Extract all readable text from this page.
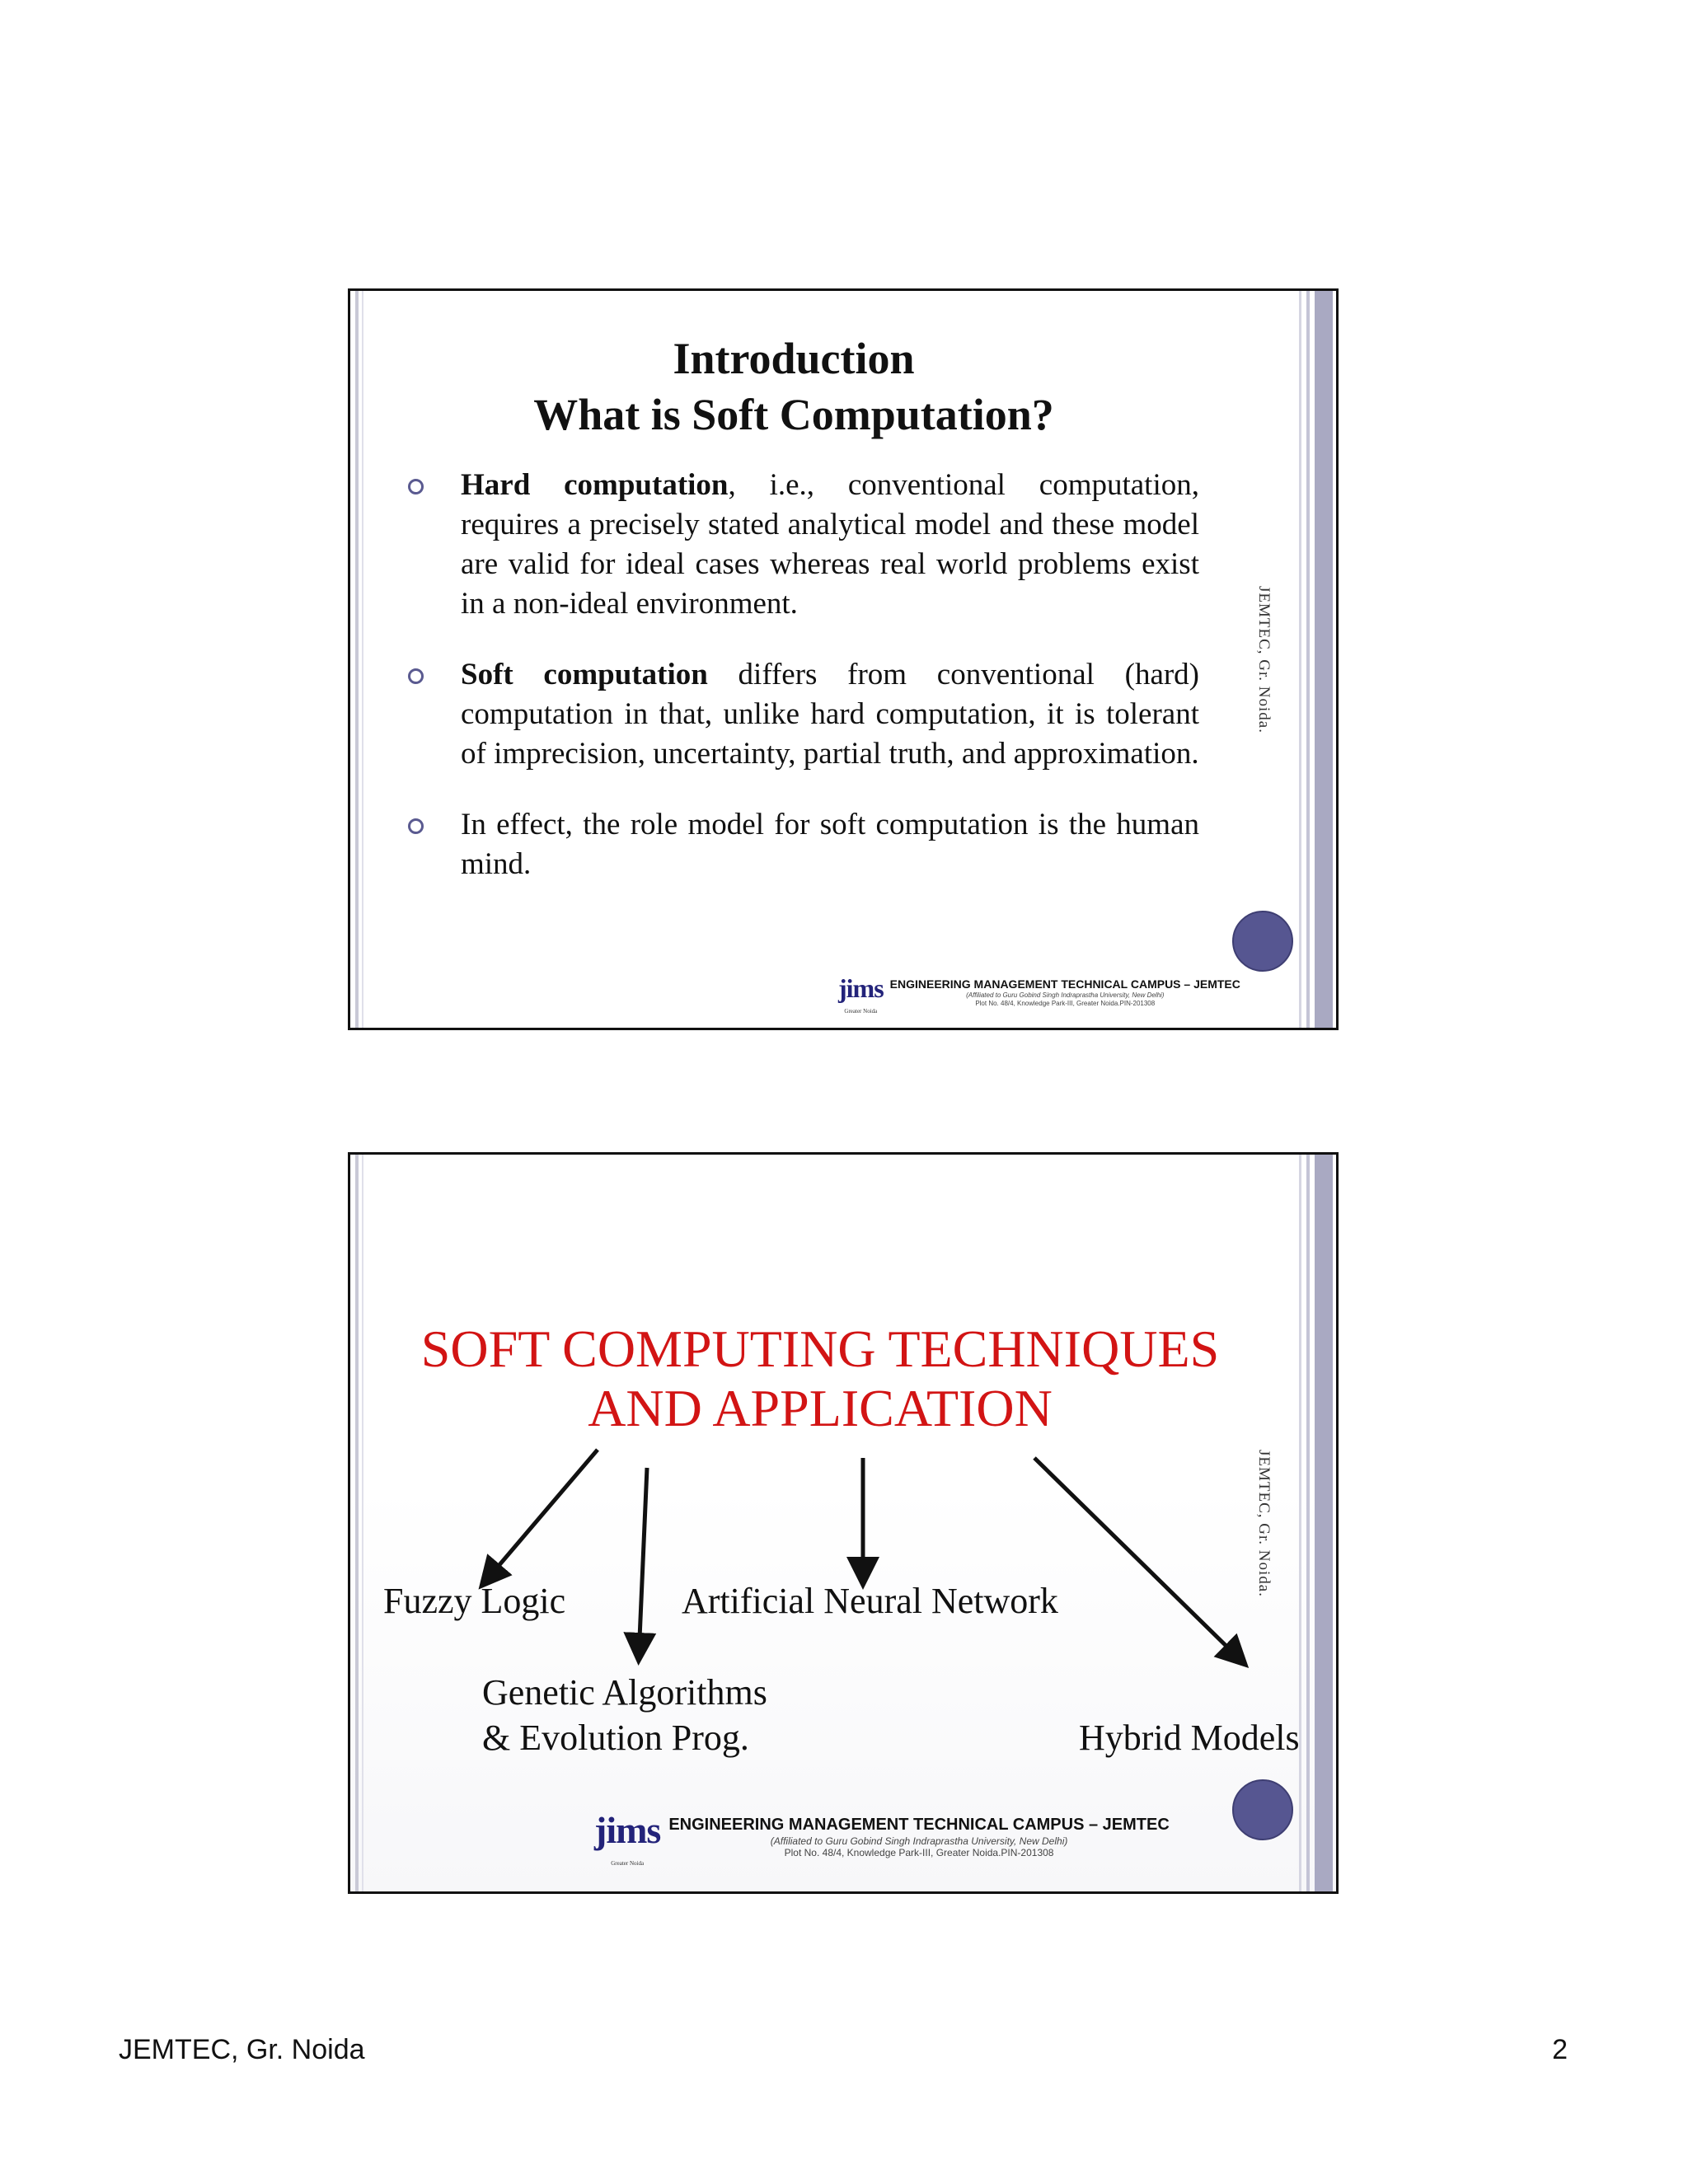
JEMTEC, Gr. Noida.
Introduction
What is Soft Computation?
Hard computation, i.e., conventional computation, requires a precisely stated analytical model and these model are valid for ideal cases whereas real world problems exist in a non-ideal environment.
Soft computation differs from conventional (hard) computation in that, unlike hard computation, it is tolerant of imprecision, uncertainty, partial truth, and approximation.
In effect, the role model for soft computation is the human mind.
jims
Greater Noida
ENGINEERING MANAGEMENT TECHNICAL CAMPUS – JEMTEC
(Affiliated to Guru Gobind Singh Indraprastha University, New Delhi)
Plot No. 48/4, Knowledge Park-III, Greater Noida.PIN-201308
JEMTEC, Gr. Noida.
SOFT COMPUTING TECHNIQUES
AND APPLICATION
Fuzzy Logic	Artificial Neural Network
Genetic Algorithms
& Evolution Prog.	Hybrid Models
jims
Greater Noida
ENGINEERING MANAGEMENT TECHNICAL CAMPUS – JEMTEC
(Affiliated to Guru Gobind Singh Indraprastha University, New Delhi)
Plot No. 48/4, Knowledge Park-III, Greater Noida.PIN-201308
JEMTEC, Gr. Noida	2
